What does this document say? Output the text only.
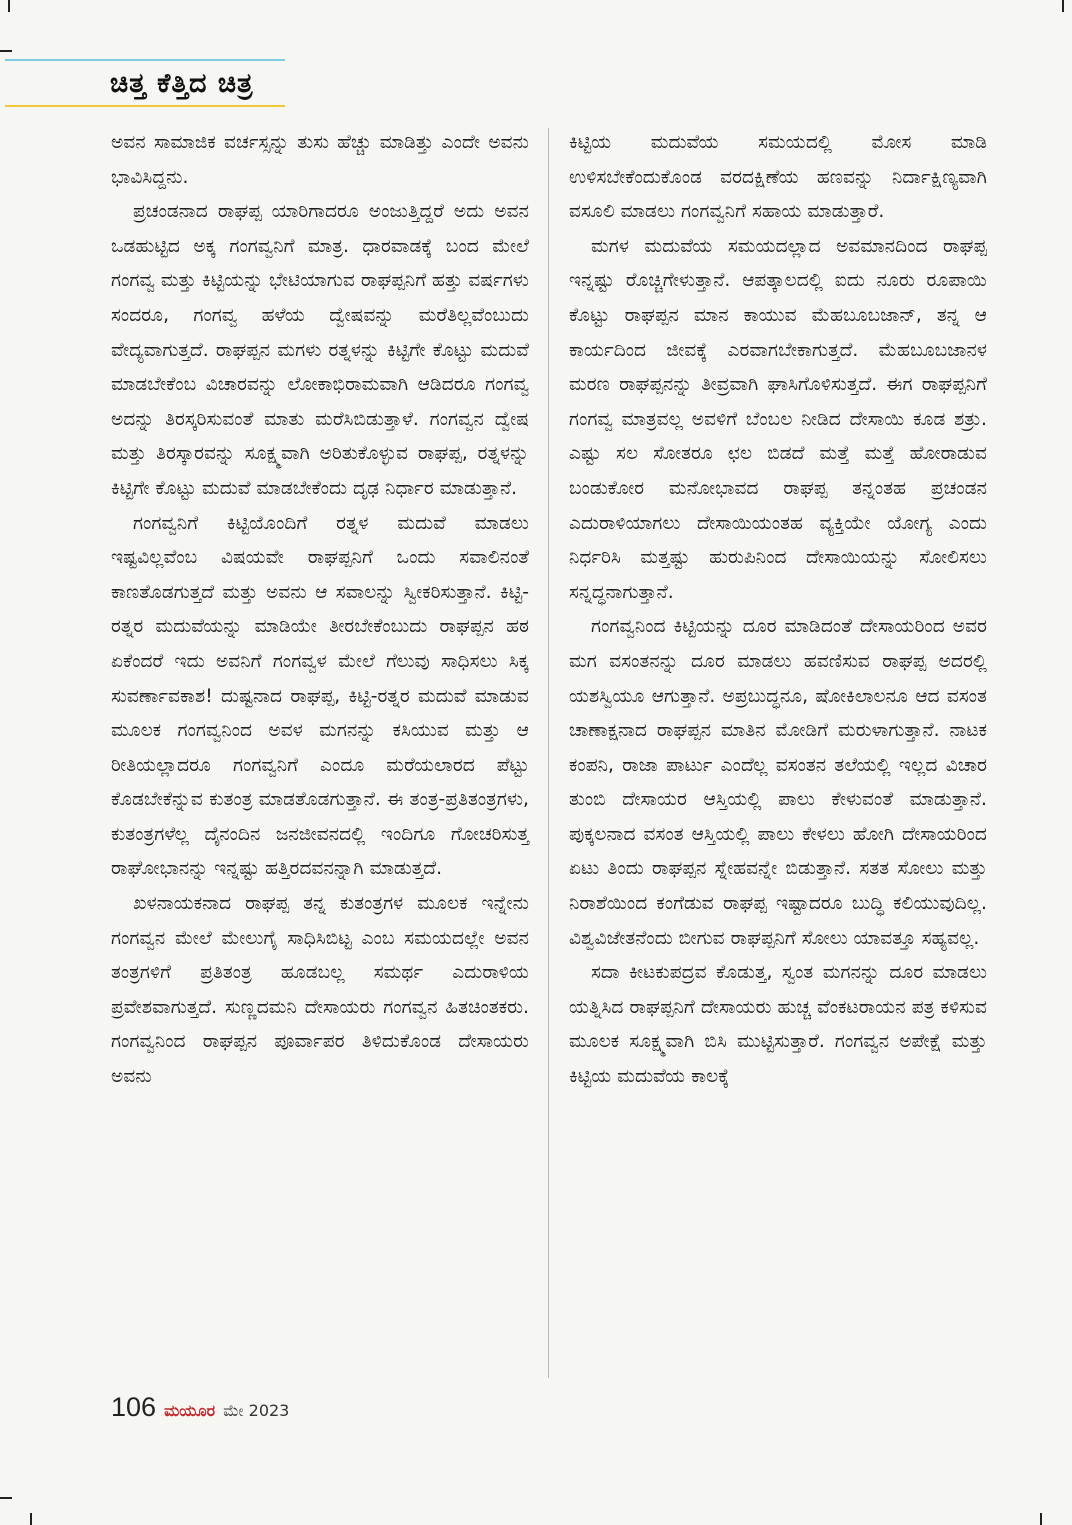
ಚಿತ್ತ ಕೆತ್ತಿದ ಚಿತ್ರ

ಅವನ ಸಾಮಾಜಿಕ ವರ್ಚಸ್ಸನ್ನು ತುಸು ಹೆಚ್ಚು ಮಾಡಿತ್ತು ಎಂದೇ ಅವನು ಭಾವಿಸಿದ್ದನು.

ಪ್ರಚಂಡನಾದ ರಾಘಪ್ಪ ಯಾರಿಗಾದರೂ ಅಂಜುತ್ತಿದ್ದರೆ ಅದು ಅವನ ಒಡಹುಟ್ಟಿದ ಅಕ್ಕ ಗಂಗವ್ವನಿಗೆ ಮಾತ್ರ. ಧಾರವಾಡಕ್ಕೆ ಬಂದ ಮೇಲೆ ಗಂಗವ್ವ ಮತ್ತು ಕಿಟ್ಟಿಯನ್ನು ಭೇಟಿಯಾಗುವ ರಾಘಪ್ಪನಿಗೆ ಹತ್ತು ವರ್ಷಗಳು ಸಂದರೂ, ಗಂಗವ್ವ ಹಳೆಯ ದ್ವೇಷವನ್ನು ಮರೆತಿಲ್ಲವೆಂಬುದು ವೇದ್ಯವಾಗುತ್ತದೆ. ರಾಘಪ್ಪನ ಮಗಳು ರತ್ನಳನ್ನು ಕಿಟ್ಟಿಗೇ ಕೊಟ್ಟು ಮದುವೆ ಮಾಡಬೇಕೆಂಬ ವಿಚಾರವನ್ನು ಲೋಕಾಭಿರಾಮವಾಗಿ ಆಡಿದರೂ ಗಂಗವ್ವ ಅದನ್ನು ತಿರಸ್ಕರಿಸುವಂತೆ ಮಾತು ಮರೆಸಿಬಿಡುತ್ತಾಳೆ. ಗಂಗವ್ವನ ದ್ವೇಷ ಮತ್ತು ತಿರಸ್ಕಾರವನ್ನು ಸೂಕ್ಷ್ಮವಾಗಿ ಅರಿತುಕೊಳ್ಳುವ ರಾಘಪ್ಪ, ರತ್ನಳನ್ನು ಕಿಟ್ಟಿಗೇ ಕೊಟ್ಟು ಮದುವೆ ಮಾಡಬೇಕೆಂದು ದೃಢ ನಿರ್ಧಾರ ಮಾಡುತ್ತಾನೆ.

ಗಂಗವ್ವನಿಗೆ ಕಿಟ್ಟಿಯೊಂದಿಗೆ ರತ್ನಳ ಮದುವೆ ಮಾಡಲು ಇಷ್ಟವಿಲ್ಲವೆಂಬ ವಿಷಯವೇ ರಾಘಪ್ಪನಿಗೆ ಒಂದು ಸವಾಲಿನಂತೆ ಕಾಣತೊಡಗುತ್ತದೆ ಮತ್ತು ಅವನು ಆ ಸವಾಲನ್ನು ಸ್ವೀಕರಿಸುತ್ತಾನೆ. ಕಿಟ್ಟಿ-ರತ್ನರ ಮದುವೆಯನ್ನು ಮಾಡಿಯೇ ತೀರಬೇಕೆಂಬುದು ರಾಘಪ್ಪನ ಹಠ ಏಕೆಂದರೆ ಇದು ಅವನಿಗೆ ಗಂಗವ್ವಳ ಮೇಲೆ ಗೆಲುವು ಸಾಧಿಸಲು ಸಿಕ್ಕ ಸುವರ್ಣಾವಕಾಶ! ದುಷ್ಟನಾದ ರಾಘಪ್ಪ, ಕಿಟ್ಟಿ-ರತ್ನರ ಮದುವೆ ಮಾಡುವ ಮೂಲಕ ಗಂಗವ್ವನಿಂದ ಅವಳ ಮಗನನ್ನು ಕಸಿಯುವ ಮತ್ತು ಆ ರೀತಿಯಲ್ಲಾದರೂ ಗಂಗವ್ವನಿಗೆ ಎಂದೂ ಮರೆಯಲಾರದ ಪೆಟ್ಟು ಕೊಡಬೇಕೆನ್ನುವ ಕುತಂತ್ರ ಮಾಡತೊಡಗುತ್ತಾನೆ. ಈ ತಂತ್ರ-ಪ್ರತಿತಂತ್ರಗಳು, ಕುತಂತ್ರಗಳೆಲ್ಲ ದೈನಂದಿನ ಜನಜೀವನದಲ್ಲಿ ಇಂದಿಗೂ ಗೋಚರಿಸುತ್ತ ರಾಘೋಭಾನನ್ನು ಇನ್ನಷ್ಟು ಹತ್ತಿರದವನನ್ನಾಗಿ ಮಾಡುತ್ತದೆ.

ಖಳನಾಯಕನಾದ ರಾಘಪ್ಪ ತನ್ನ ಕುತಂತ್ರಗಳ ಮೂಲಕ ಇನ್ನೇನು ಗಂಗವ್ವನ ಮೇಲೆ ಮೇಲುಗೈ ಸಾಧಿಸಿಬಿಟ್ಟ ಎಂಬ ಸಮಯದಲ್ಲೇ ಅವನ ತಂತ್ರಗಳಿಗೆ ಪ್ರತಿತಂತ್ರ ಹೂಡಬಲ್ಲ ಸಮರ್ಥ ಎದುರಾಳಿಯ ಪ್ರವೇಶವಾಗುತ್ತದೆ. ಸುಣ್ಣದಮನಿ ದೇಸಾಯರು ಗಂಗವ್ವನ ಹಿತಚಿಂತಕರು. ಗಂಗವ್ವನಿಂದ ರಾಘಪ್ಪನ ಪೂರ್ವಾಪರ ತಿಳಿದುಕೊಂಡ ದೇಸಾಯರು ಅವನು

ಕಿಟ್ಟಿಯ ಮದುವೆಯ ಸಮಯದಲ್ಲಿ ಮೋಸ ಮಾಡಿ ಉಳಿಸಬೇಕೆಂದುಕೊಂಡ ವರದಕ್ಷಿಣೆಯ ಹಣವನ್ನು ನಿರ್ದಾಕ್ಷಿಣ್ಯವಾಗಿ ವಸೂಲಿ ಮಾಡಲು ಗಂಗವ್ವನಿಗೆ ಸಹಾಯ ಮಾಡುತ್ತಾರೆ.

ಮಗಳ ಮದುವೆಯ ಸಮಯದಲ್ಲಾದ ಅವಮಾನದಿಂದ ರಾಘಪ್ಪ ಇನ್ನಷ್ಟು ರೊಚ್ಚಿಗೇಳುತ್ತಾನೆ. ಆಪತ್ಕಾಲದಲ್ಲಿ ಐದು ನೂರು ರೂಪಾಯಿ ಕೊಟ್ಟು ರಾಘಪ್ಪನ ಮಾನ ಕಾಯುವ ಮೆಹಬೂಬಜಾನ್, ತನ್ನ ಆ ಕಾರ್ಯದಿಂದ ಜೀವಕ್ಕೆ ಎರವಾಗಬೇಕಾಗುತ್ತದೆ. ಮೆಹಬೂಬಜಾನಳ ಮರಣ ರಾಘಪ್ಪನನ್ನು ತೀವ್ರವಾಗಿ ಘಾಸಿಗೊಳಿಸುತ್ತದೆ. ಈಗ ರಾಘಪ್ಪನಿಗೆ ಗಂಗವ್ವ ಮಾತ್ರವಲ್ಲ ಅವಳಿಗೆ ಬೆಂಬಲ ನೀಡಿದ ದೇಸಾಯಿ ಕೂಡ ಶತ್ರು. ಎಷ್ಟು ಸಲ ಸೋತರೂ ಛಲ ಬಿಡದೆ ಮತ್ತೆ ಮತ್ತೆ ಹೋರಾಡುವ ಬಂಡುಕೋರ ಮನೋಭಾವದ ರಾಘಪ್ಪ ತನ್ನಂತಹ ಪ್ರಚಂಡನ ಎದುರಾಳಿಯಾಗಲು ದೇಸಾಯಿಯಂತಹ ವ್ಯಕ್ತಿಯೇ ಯೋಗ್ಯ ಎಂದು ನಿರ್ಧರಿಸಿ ಮತ್ತಷ್ಟು ಹುರುಪಿನಿಂದ ದೇಸಾಯಿಯನ್ನು ಸೋಲಿಸಲು ಸನ್ನದ್ಧನಾಗುತ್ತಾನೆ.

ಗಂಗವ್ವನಿಂದ ಕಿಟ್ಟಿಯನ್ನು ದೂರ ಮಾಡಿದಂತೆ ದೇಸಾಯರಿಂದ ಅವರ ಮಗ ವಸಂತನನ್ನು ದೂರ ಮಾಡಲು ಹವಣಿಸುವ ರಾಘಪ್ಪ ಅದರಲ್ಲಿ ಯಶಸ್ವಿಯೂ ಆಗುತ್ತಾನೆ. ಅಪ್ರಬುದ್ಧನೂ, ಷೋಕಿಲಾಲನೂ ಆದ ವಸಂತ ಚಾಣಾಕ್ಷನಾದ ರಾಘಪ್ಪನ ಮಾತಿನ ಮೋಡಿಗೆ ಮರುಳಾಗುತ್ತಾನೆ. ನಾಟಕ ಕಂಪನಿ, ರಾಜಾ ಪಾರ್ಟು ಎಂದೆಲ್ಲ ವಸಂತನ ತಲೆಯಲ್ಲಿ ಇಲ್ಲದ ವಿಚಾರ ತುಂಬಿ ದೇಸಾಯರ ಆಸ್ತಿಯಲ್ಲಿ ಪಾಲು ಕೇಳುವಂತೆ ಮಾಡುತ್ತಾನೆ. ಪುಕ್ಕಲನಾದ ವಸಂತ ಆಸ್ತಿಯಲ್ಲಿ ಪಾಲು ಕೇಳಲು ಹೋಗಿ ದೇಸಾಯರಿಂದ ಏಟು ತಿಂದು ರಾಘಪ್ಪನ ಸ್ನೇಹವನ್ನೇ ಬಿಡುತ್ತಾನೆ. ಸತತ ಸೋಲು ಮತ್ತು ನಿರಾಶೆಯಿಂದ ಕಂಗೆಡುವ ರಾಘಪ್ಪ ಇಷ್ಟಾದರೂ ಬುದ್ಧಿ ಕಲಿಯುವುದಿಲ್ಲ. ವಿಶ್ವವಿಜೇತನೆಂದು ಬೀಗುವ ರಾಘಪ್ಪನಿಗೆ ಸೋಲು ಯಾವತ್ತೂ ಸಹ್ಯವಲ್ಲ.

ಸದಾ ಕೀಟಕುಪದ್ರವ ಕೊಡುತ್ತ, ಸ್ವಂತ ಮಗನನ್ನು ದೂರ ಮಾಡಲು ಯತ್ನಿಸಿದ ರಾಘಪ್ಪನಿಗೆ ದೇಸಾಯರು ಹುಚ್ಚ ವೆಂಕಟರಾಯನ ಪತ್ರ ಕಳಿಸುವ ಮೂಲಕ ಸೂಕ್ಷ್ಮವಾಗಿ ಬಿಸಿ ಮುಟ್ಟಿಸುತ್ತಾರೆ. ಗಂಗವ್ವನ ಅಪೇಕ್ಷೆ ಮತ್ತು ಕಿಟ್ಟಿಯ ಮದುವೆಯ ಕಾಲಕ್ಕೆ

106 ಮಯೂರ ಮೇ 2023
